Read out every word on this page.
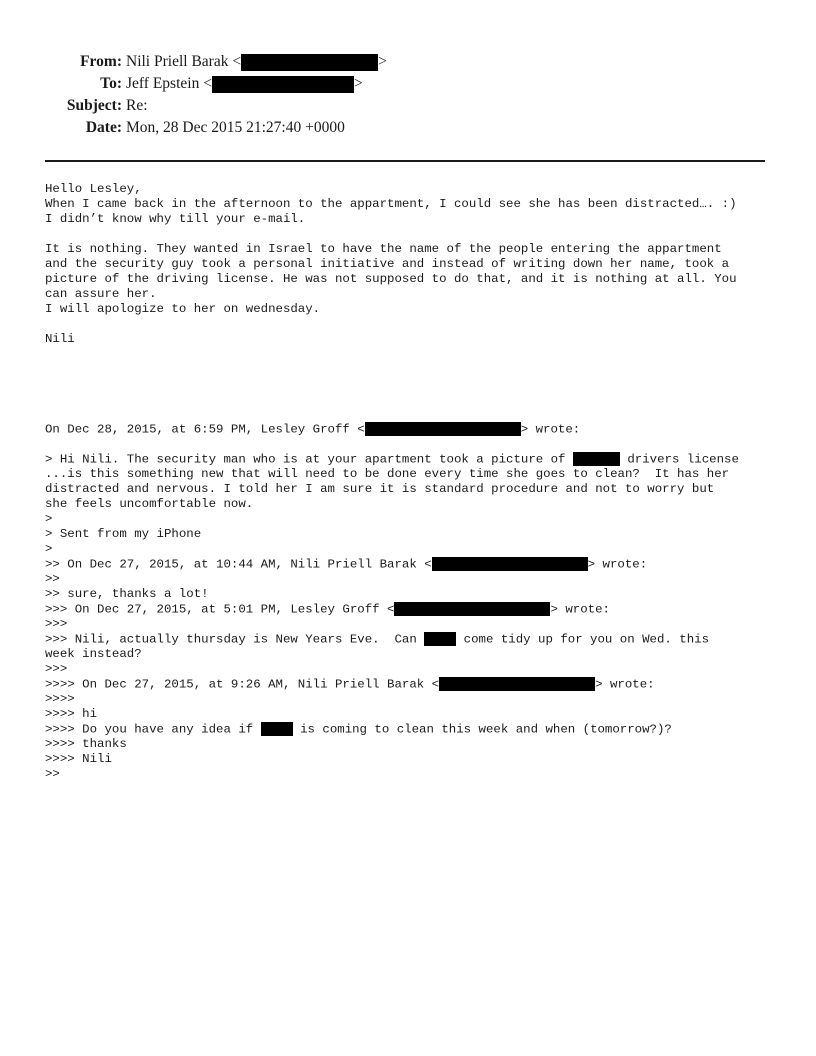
From: Nili Priell Barak <	>
To: Jeff Epstein <	>
Subject: Re:
Date: Mon, 28 Dec 2015 21:27:40 +0000
Hello Lesley,
When I came back in the afternoon to the appartment, I could see she has been distracted…. :)
I didn’t know why till your e-mail.
It is nothing. They wanted in Israel to have the name of the people entering the appartment
and the security guy took a personal initiative and instead of writing down her name, took a
picture of the driving license. He was not supposed to do that, and it is nothing at all. You
can assure her.
I will apologize to her on wednesday.
Nili
On Dec 28, 2015, at 6:59 PM, Lesley Groff <	> wrote:
> Hi Nili. The security man who is at your apartment took a picture of	drivers license
...is this something new that will need to be done every time she goes to clean?  It has her
distracted and nervous. I told her I am sure it is standard procedure and not to worry but
she feels uncomfortable now.
>
> Sent from my iPhone
>
>> On Dec 27, 2015, at 10:44 AM, Nili Priell Barak <	> wrote:
>>
>> sure, thanks a lot!
>>> On Dec 27, 2015, at 5:01 PM, Lesley Groff <	> wrote:
>>>
>>> Nili, actually thursday is New Years Eve.  Can	come tidy up for you on Wed. this
week instead?
>>>
>>>> On Dec 27, 2015, at 9:26 AM, Nili Priell Barak <	> wrote:
>>>>
>>>> hi
>>>> Do you have any idea if	is coming to clean this week and when (tomorrow?)?
>>>> thanks
>>>> Nili
>>
